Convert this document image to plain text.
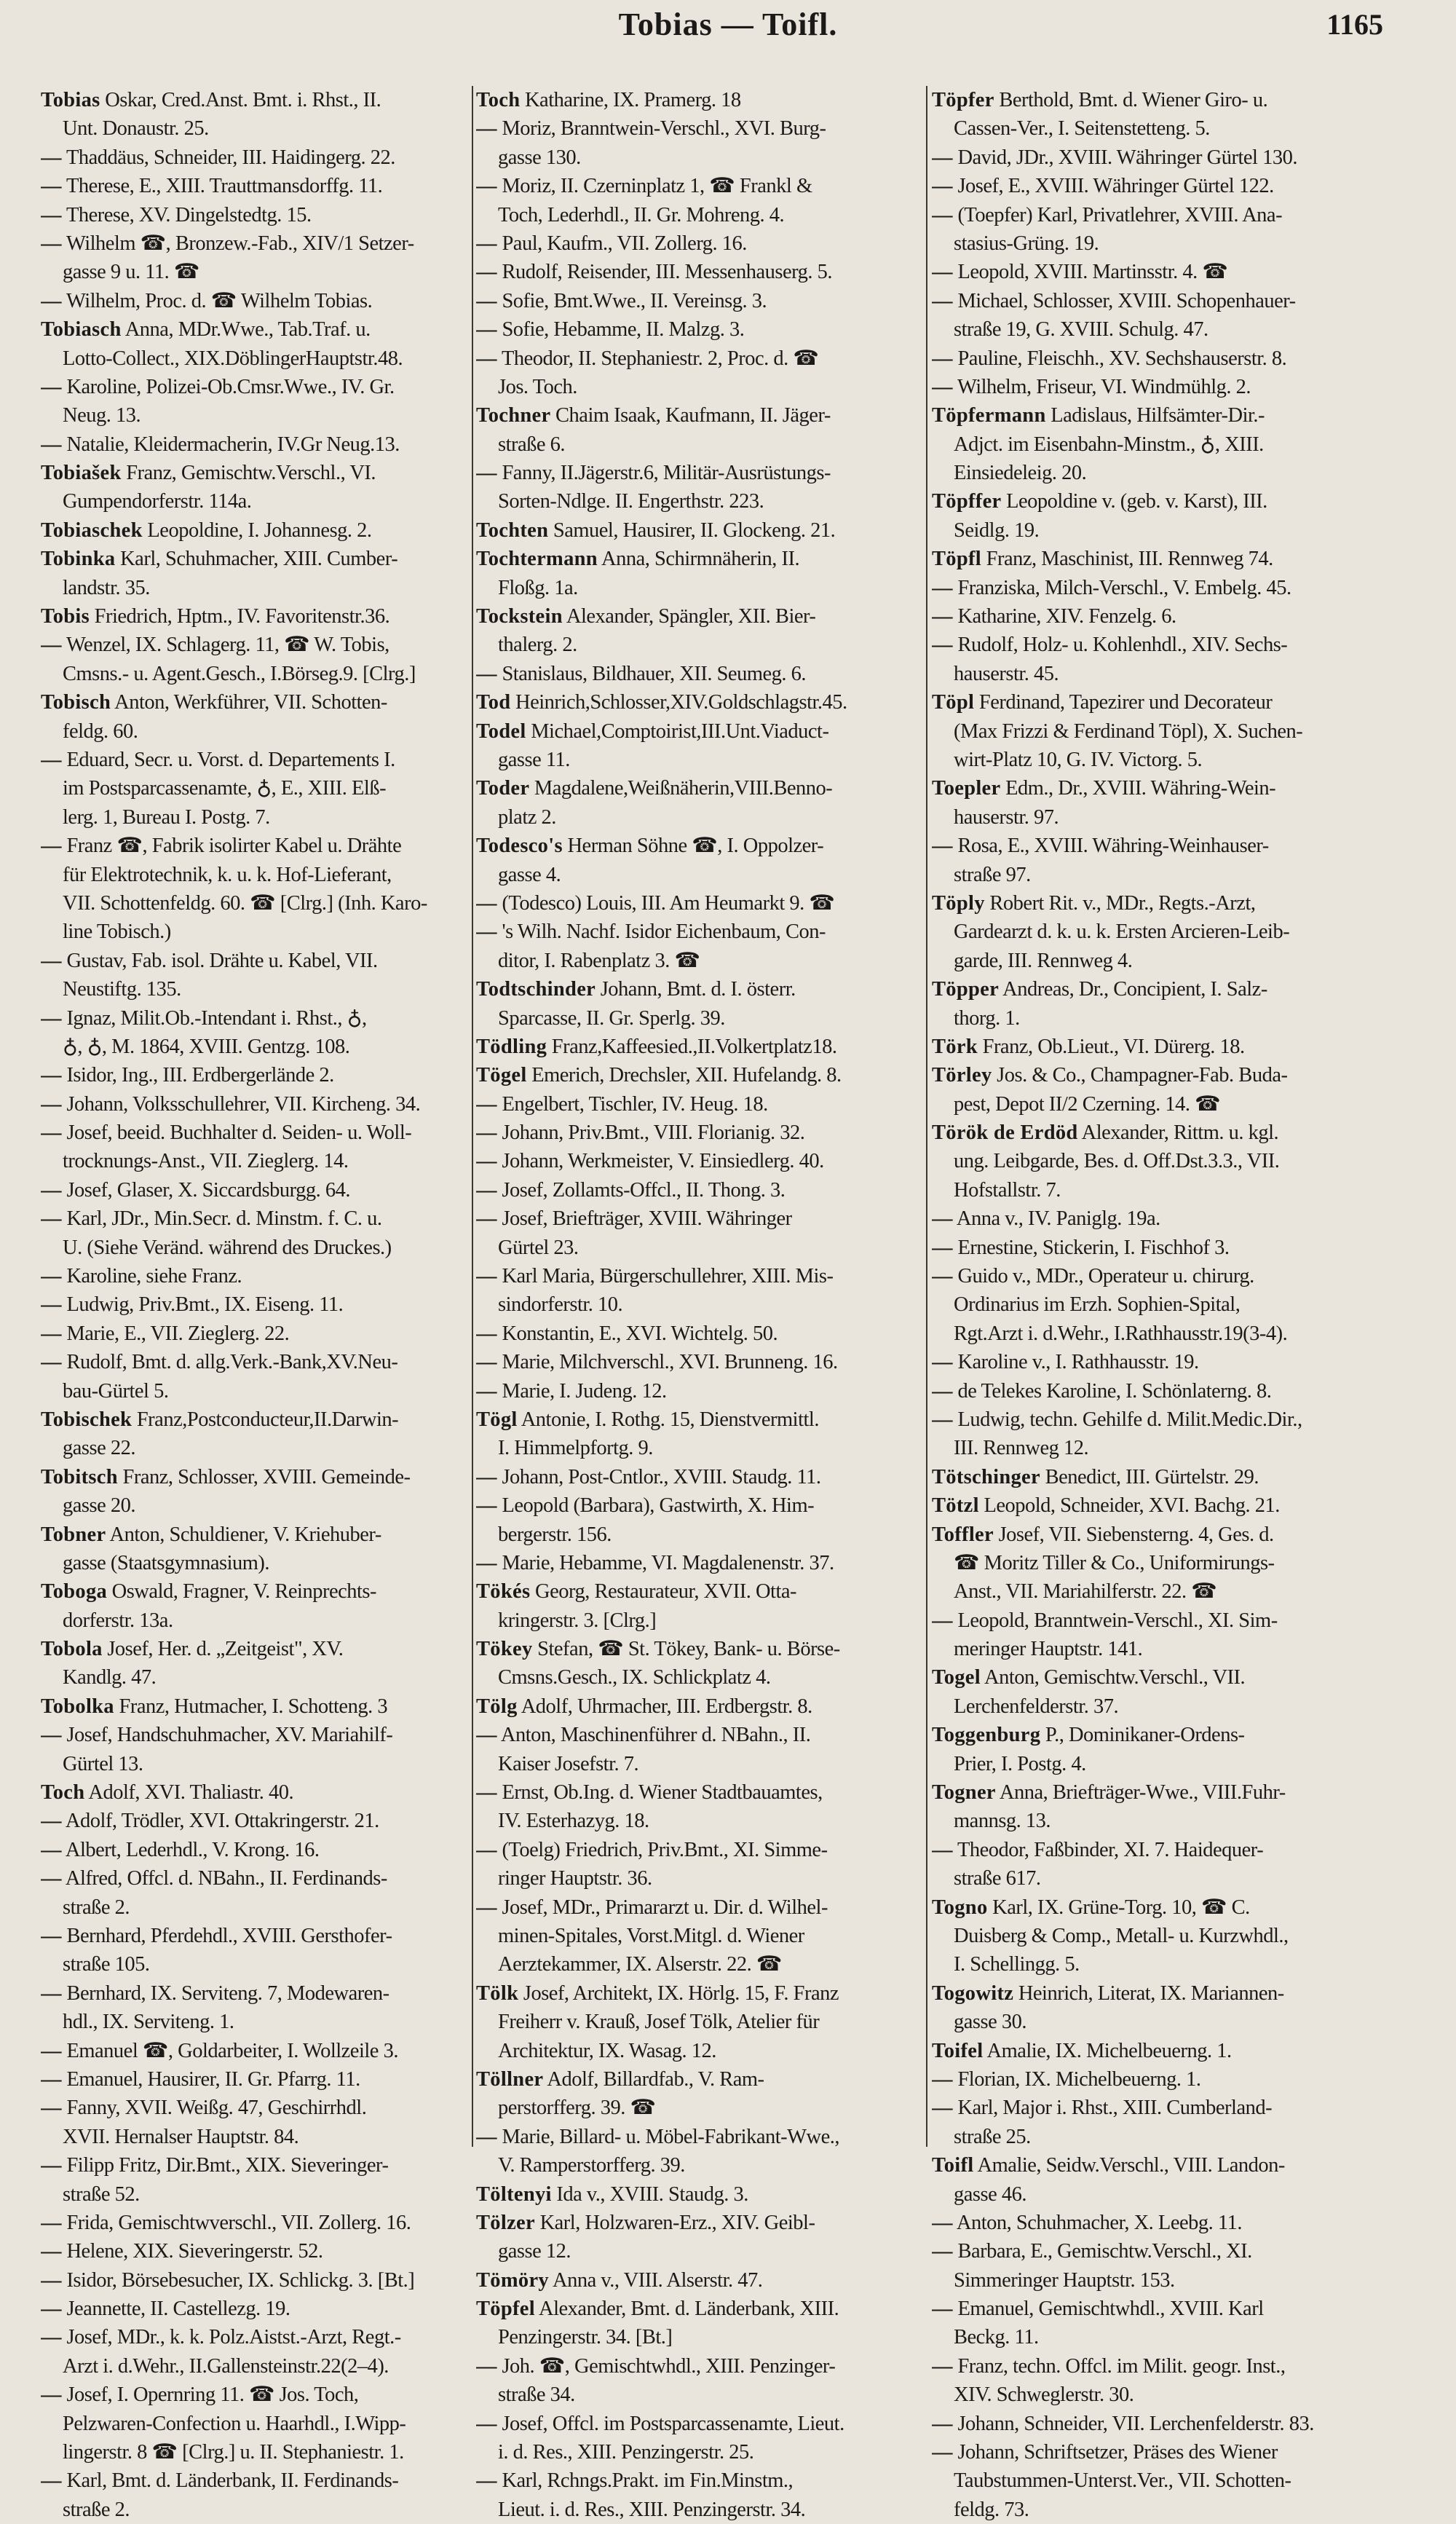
Tobias — Toifl.	1165
Tobias Oskar, Cred.Anst. Bmt. i. Rhst., II.
Unt. Donaustr. 25.
— Thaddäus, Schneider, III. Haidingerg. 22.
— Therese, E., XIII. Trauttmansdorffg. 11.
— Therese, XV. Dingelstedtg. 15.
— Wilhelm ☎, Bronzew.-Fab., XIV/1 Setzer-
gasse 9 u. 11. ☎
— Wilhelm, Proc. d. ☎ Wilhelm Tobias.
Tobiasch Anna, MDr.Wwe., Tab.Traf. u.
Lotto-Collect., XIX.DöblingerHauptstr.48.
— Karoline, Polizei-Ob.Cmsr.Wwe., IV. Gr.
Neug. 13.
— Natalie, Kleidermacherin, IV.Gr Neug.13.
Tobiašek Franz, Gemischtw.Verschl., VI.
Gumpendorferstr. 114a.
Tobiaschek Leopoldine, I. Johannesg. 2.
Tobinka Karl, Schuhmacher, XIII. Cumber-
landstr. 35.
Tobis Friedrich, Hptm., IV. Favoritenstr.36.
— Wenzel, IX. Schlagerg. 11, ☎ W. Tobis,
Cmsns.- u. Agent.Gesch., I.Börseg.9. [Clrg.]
Tobisch Anton, Werkführer, VII. Schotten-
feldg. 60.
— Eduard, Secr. u. Vorst. d. Departements I.
im Postsparcassenamte, ♁, E., XIII. Elß-
lerg. 1, Bureau I. Postg. 7.
— Franz ☎, Fabrik isolirter Kabel u. Drähte
für Elektrotechnik, k. u. k. Hof-Lieferant,
VII. Schottenfeldg. 60. ☎ [Clrg.] (Inh. Karo-
line Tobisch.)
— Gustav, Fab. isol. Drähte u. Kabel, VII.
Neustiftg. 135.
— Ignaz, Milit.Ob.-Intendant i. Rhst., ♁,
♁, ♁, M. 1864, XVIII. Gentzg. 108.
— Isidor, Ing., III. Erdbergerlände 2.
— Johann, Volksschullehrer, VII. Kircheng. 34.
— Josef, beeid. Buchhalter d. Seiden- u. Woll-
trocknungs-Anst., VII. Zieglerg. 14.
— Josef, Glaser, X. Siccardsburgg. 64.
— Karl, JDr., Min.Secr. d. Minstm. f. C. u.
U. (Siehe Veränd. während des Druckes.)
— Karoline, siehe Franz.
— Ludwig, Priv.Bmt., IX. Eiseng. 11.
— Marie, E., VII. Zieglerg. 22.
— Rudolf, Bmt. d. allg.Verk.-Bank,XV.Neu-
bau-Gürtel 5.
Tobischek Franz,Postconducteur,II.Darwin-
gasse 22.
Tobitsch Franz, Schlosser, XVIII. Gemeinde-
gasse 20.
Tobner Anton, Schuldiener, V. Kriehuber-
gasse (Staatsgymnasium).
Toboga Oswald, Fragner, V. Reinprechts-
dorferstr. 13a.
Tobola Josef, Her. d. „Zeitgeist", XV.
Kandlg. 47.
Tobolka Franz, Hutmacher, I. Schotteng. 3
— Josef, Handschuhmacher, XV. Mariahilf-
Gürtel 13.
Toch Adolf, XVI. Thaliastr. 40.
— Adolf, Trödler, XVI. Ottakringerstr. 21.
— Albert, Lederhdl., V. Krong. 16.
— Alfred, Offcl. d. NBahn., II. Ferdinands-
straße 2.
— Bernhard, Pferdehdl., XVIII. Gersthofer-
straße 105.
— Bernhard, IX. Serviteng. 7, Modewaren-
hdl., IX. Serviteng. 1.
— Emanuel ☎, Goldarbeiter, I. Wollzeile 3.
— Emanuel, Hausirer, II. Gr. Pfarrg. 11.
— Fanny, XVII. Weißg. 47, Geschirrhdl.
XVII. Hernalser Hauptstr. 84.
— Filipp Fritz, Dir.Bmt., XIX. Sieveringer-
straße 52.
— Frida, Gemischtwverschl., VII. Zollerg. 16.
— Helene, XIX. Sieveringerstr. 52.
— Isidor, Börsebesucher, IX. Schlickg. 3. [Bt.]
— Jeannette, II. Castellezg. 19.
— Josef, MDr., k. k. Polz.Aistst.-Arzt, Regt.-
Arzt i. d.Wehr., II.Gallensteinstr.22(2–4).
— Josef, I. Opernring 11. ☎ Jos. Toch,
Pelzwaren-Confection u. Haarhdl., I.Wipp-
lingerstr. 8 ☎ [Clrg.] u. II. Stephaniestr. 1.
— Karl, Bmt. d. Länderbank, II. Ferdinands-
straße 2.
Toch Katharine, IX. Pramerg. 18
— Moriz, Branntwein-Verschl., XVI. Burg-
gasse 130.
— Moriz, II. Czerninplatz 1, ☎ Frankl &
Toch, Lederhdl., II. Gr. Mohreng. 4.
— Paul, Kaufm., VII. Zollerg. 16.
— Rudolf, Reisender, III. Messenhauserg. 5.
— Sofie, Bmt.Wwe., II. Vereinsg. 3.
— Sofie, Hebamme, II. Malzg. 3.
— Theodor, II. Stephaniestr. 2, Proc. d. ☎
Jos. Toch.
Tochner Chaim Isaak, Kaufmann, II. Jäger-
straße 6.
— Fanny, II.Jägerstr.6, Militär-Ausrüstungs-
Sorten-Ndlge. II. Engerthstr. 223.
Tochten Samuel, Hausirer, II. Glockeng. 21.
Tochtermann Anna, Schirmnäherin, II.
Floßg. 1a.
Tockstein Alexander, Spängler, XII. Bier-
thalerg. 2.
— Stanislaus, Bildhauer, XII. Seumeg. 6.
Tod Heinrich,Schlosser,XIV.Goldschlagstr.45.
Todel Michael,Comptoirist,III.Unt.Viaduct-
gasse 11.
Toder Magdalene,Weißnäherin,VIII.Benno-
platz 2.
Todesco's Herman Söhne ☎, I. Oppolzer-
gasse 4.
— (Todesco) Louis, III. Am Heumarkt 9. ☎
— 's Wilh. Nachf. Isidor Eichenbaum, Con-
ditor, I. Rabenplatz 3. ☎
Todtschinder Johann, Bmt. d. I. österr.
Sparcasse, II. Gr. Sperlg. 39.
Tödling Franz,Kaffeesied.,II.Volkertplatz18.
Tögel Emerich, Drechsler, XII. Hufelandg. 8.
— Engelbert, Tischler, IV. Heug. 18.
— Johann, Priv.Bmt., VIII. Florianig. 32.
— Johann, Werkmeister, V. Einsiedlerg. 40.
— Josef, Zollamts-Offcl., II. Thong. 3.
— Josef, Briefträger, XVIII. Währinger
Gürtel 23.
— Karl Maria, Bürgerschullehrer, XIII. Mis-
sindorferstr. 10.
— Konstantin, E., XVI. Wichtelg. 50.
— Marie, Milchverschl., XVI. Brunneng. 16.
— Marie, I. Judeng. 12.
Tögl Antonie, I. Rothg. 15, Dienstvermittl.
I. Himmelpfortg. 9.
— Johann, Post-Cntlor., XVIII. Staudg. 11.
— Leopold (Barbara), Gastwirth, X. Him-
bergerstr. 156.
— Marie, Hebamme, VI. Magdalenenstr. 37.
Tökés Georg, Restaurateur, XVII. Otta-
kringerstr. 3. [Clrg.]
Tökey Stefan, ☎ St. Tökey, Bank- u. Börse-
Cmsns.Gesch., IX. Schlickplatz 4.
Tölg Adolf, Uhrmacher, III. Erdbergstr. 8.
— Anton, Maschinenführer d. NBahn., II.
Kaiser Josefstr. 7.
— Ernst, Ob.Ing. d. Wiener Stadtbauamtes,
IV. Esterhazyg. 18.
— (Toelg) Friedrich, Priv.Bmt., XI. Simme-
ringer Hauptstr. 36.
— Josef, MDr., Primararzt u. Dir. d. Wilhel-
minen-Spitales, Vorst.Mitgl. d. Wiener
Aerztekammer, IX. Alserstr. 22. ☎
Tölk Josef, Architekt, IX. Hörlg. 15, F. Franz
Freiherr v. Krauß, Josef Tölk, Atelier für
Architektur, IX. Wasag. 12.
Töllner Adolf, Billardfab., V. Ram-
perstorfferg. 39. ☎
— Marie, Billard- u. Möbel-Fabrikant-Wwe.,
V. Ramperstorfferg. 39.
Töltenyi Ida v., XVIII. Staudg. 3.
Tölzer Karl, Holzwaren-Erz., XIV. Geibl-
gasse 12.
Tömöry Anna v., VIII. Alserstr. 47.
Töpfel Alexander, Bmt. d. Länderbank, XIII.
Penzingerstr. 34. [Bt.]
— Joh. ☎, Gemischtwhdl., XIII. Penzinger-
straße 34.
— Josef, Offcl. im Postsparcassenamte, Lieut.
i. d. Res., XIII. Penzingerstr. 25.
— Karl, Rchngs.Prakt. im Fin.Minstm.,
Lieut. i. d. Res., XIII. Penzingerstr. 34.
Töpfer Berthold, Bmt. d. Wiener Giro- u.
Cassen-Ver., I. Seitenstetteng. 5.
— David, JDr., XVIII. Währinger Gürtel 130.
— Josef, E., XVIII. Währinger Gürtel 122.
— (Toepfer) Karl, Privatlehrer, XVIII. Ana-
stasius-Grüng. 19.
— Leopold, XVIII. Martinsstr. 4. ☎
— Michael, Schlosser, XVIII. Schopenhauer-
straße 19, G. XVIII. Schulg. 47.
— Pauline, Fleischh., XV. Sechshauserstr. 8.
— Wilhelm, Friseur, VI. Windmühlg. 2.
Töpfermann Ladislaus, Hilfsämter-Dir.-
Adjct. im Eisenbahn-Minstm., ♁, XIII.
Einsiedeleig. 20.
Töpffer Leopoldine v. (geb. v. Karst), III.
Seidlg. 19.
Töpfl Franz, Maschinist, III. Rennweg 74.
— Franziska, Milch-Verschl., V. Embelg. 45.
— Katharine, XIV. Fenzelg. 6.
— Rudolf, Holz- u. Kohlenhdl., XIV. Sechs-
hauserstr. 45.
Töpl Ferdinand, Tapezirer und Decorateur
(Max Frizzi & Ferdinand Töpl), X. Suchen-
wirt-Platz 10, G. IV. Victorg. 5.
Toepler Edm., Dr., XVIII. Währing-Wein-
hauserstr. 97.
— Rosa, E., XVIII. Währing-Weinhauser-
straße 97.
Töply Robert Rit. v., MDr., Regts.-Arzt,
Gardearzt d. k. u. k. Ersten Arcieren-Leib-
garde, III. Rennweg 4.
Töpper Andreas, Dr., Concipient, I. Salz-
thorg. 1.
Törk Franz, Ob.Lieut., VI. Dürerg. 18.
Törley Jos. & Co., Champagner-Fab. Buda-
pest, Depot II/2 Czerning. 14. ☎
Török de Erdöd Alexander, Rittm. u. kgl.
ung. Leibgarde, Bes. d. Off.Dst.3.3., VII.
Hofstallstr. 7.
— Anna v., IV. Paniglg. 19a.
— Ernestine, Stickerin, I. Fischhof 3.
— Guido v., MDr., Operateur u. chirurg.
Ordinarius im Erzh. Sophien-Spital,
Rgt.Arzt i. d.Wehr., I.Rathhausstr.19(3-4).
— Karoline v., I. Rathhausstr. 19.
— de Telekes Karoline, I. Schönlaterng. 8.
— Ludwig, techn. Gehilfe d. Milit.Medic.Dir.,
III. Rennweg 12.
Tötschinger Benedict, III. Gürtelstr. 29.
Tötzl Leopold, Schneider, XVI. Bachg. 21.
Toffler Josef, VII. Siebensterng. 4, Ges. d.
☎ Moritz Tiller & Co., Uniformirungs-
Anst., VII. Mariahilferstr. 22. ☎
— Leopold, Branntwein-Verschl., XI. Sim-
meringer Hauptstr. 141.
Togel Anton, Gemischtw.Verschl., VII.
Lerchenfelderstr. 37.
Toggenburg P., Dominikaner-Ordens-
Prier, I. Postg. 4.
Togner Anna, Briefträger-Wwe., VIII.Fuhr-
mannsg. 13.
— Theodor, Faßbinder, XI. 7. Haidequer-
straße 617.
Togno Karl, IX. Grüne-Torg. 10, ☎ C.
Duisberg & Comp., Metall- u. Kurzwhdl.,
I. Schellingg. 5.
Togowitz Heinrich, Literat, IX. Mariannen-
gasse 30.
Toifel Amalie, IX. Michelbeuerng. 1.
— Florian, IX. Michelbeuerng. 1.
— Karl, Major i. Rhst., XIII. Cumberland-
straße 25.
Toifl Amalie, Seidw.Verschl., VIII. Landon-
gasse 46.
— Anton, Schuhmacher, X. Leebg. 11.
— Barbara, E., Gemischtw.Verschl., XI.
Simmeringer Hauptstr. 153.
— Emanuel, Gemischtwhdl., XVIII. Karl
Beckg. 11.
— Franz, techn. Offcl. im Milit. geogr. Inst.,
XIV. Schweglerstr. 30.
— Johann, Schneider, VII. Lerchenfelderstr. 83.
— Johann, Schriftsetzer, Präses des Wiener
Taubstummen-Unterst.Ver., VII. Schotten-
feldg. 73.
